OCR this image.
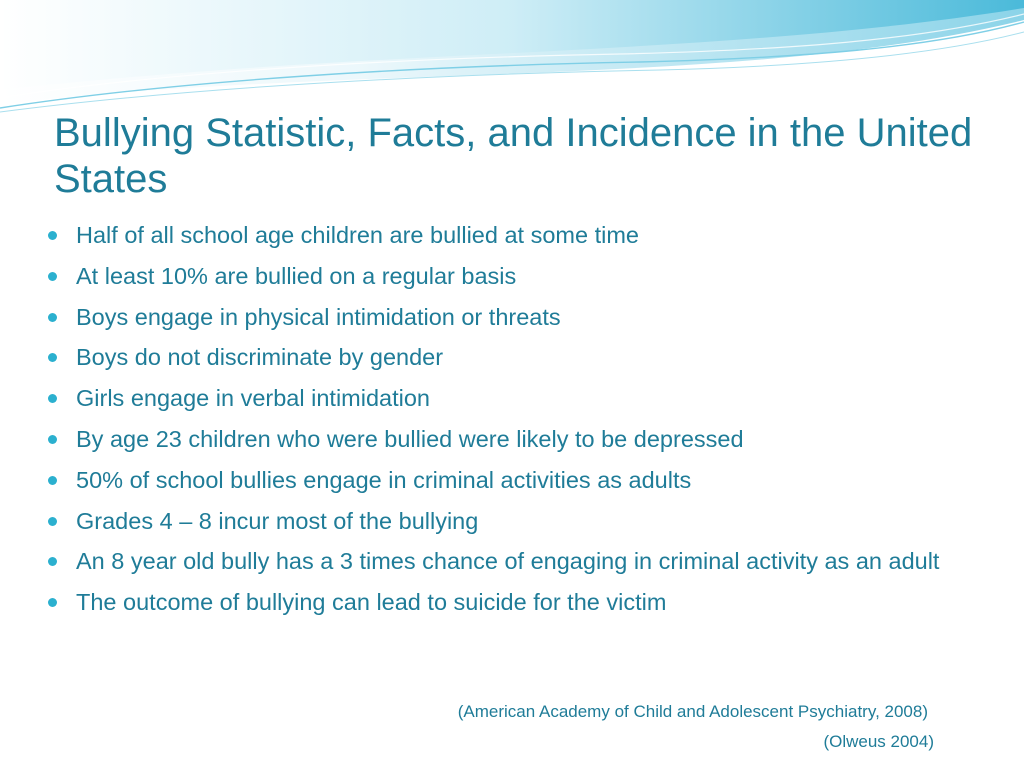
Bullying Statistic, Facts, and Incidence in the United States
Half of all school age children are bullied at some time
At least 10% are bullied on a regular basis
Boys engage in physical intimidation or threats
Boys do not discriminate by gender
Girls engage in verbal intimidation
By age 23 children who were bullied were likely to be depressed
50% of school bullies engage in criminal activities as adults
Grades 4 – 8 incur most of the bullying
An 8 year old bully has a 3 times chance of engaging in criminal activity as an adult
The outcome of bullying can lead to suicide for the victim
(American Academy of Child and Adolescent Psychiatry, 2008)
(Olweus 2004)
